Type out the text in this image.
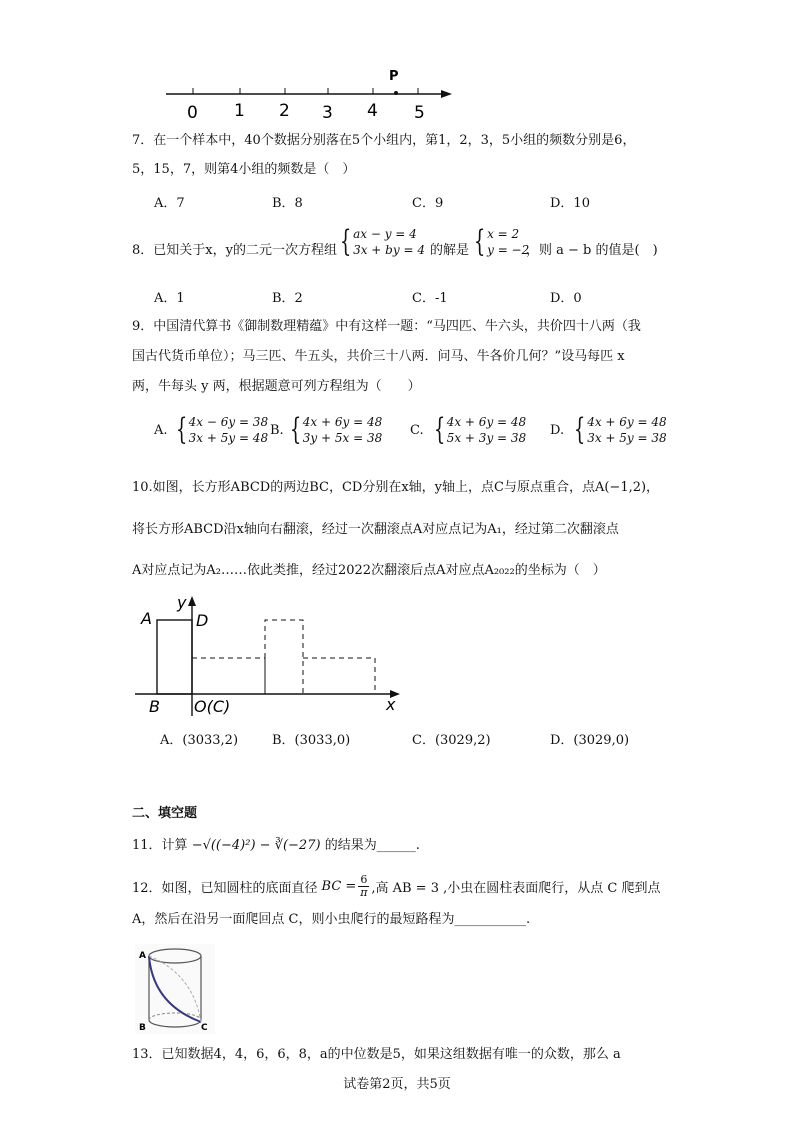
P
0 1 2 3 4 5
7．在一个样本中，40个数据分别落在5个小组内，第1，2，3，5小组的频数分别是6，
5，15，7，则第4小组的频数是（　）
A．7	B．8	C．9	D．10
8．已知关于x，y的二元一次方程组 { ax − y = 4
3x + by = 4 的解是 { x = 2
y = −2
，则 a − b 的值是(　)
A．1	B．2	C．-1	D．0
9．中国清代算书《御制数理精蕴》中有这样一题：“马四匹、牛六头，共价四十八两（我
国古代货币单位）；马三匹、牛五头，共价三十八两．问马、牛各价几何？”设马每匹 x
两，牛每头 y 两，根据题意可列方程组为（　　）
A. { 4x − 6y = 38
3x + 5y = 48
B. { 4x + 6y = 48
3y + 5x = 38
C. { 4x + 6y = 48
5x + 3y = 38
D. { 4x + 6y = 48
3x + 5y = 38
10.如图，长方形ABCD的两边BC，CD分别在x轴，y轴上，点C与原点重合，点A(−1,2)，
将长方形ABCD沿x轴向右翻滚，经过一次翻滚点A对应点记为A₁，经过第二次翻滚点
A对应点记为A₂……依此类推，经过2022次翻滚后点A对应点A₂₀₂₂的坐标为（　）
A	D
y
B O(C)	x
A．(3033,2)	B．(3033,0)	C．(3029,2)	D．(3029,0)
二、填空题
11．计算 −√((−4)²) − ∛(−27) 的结果为______.
12．如图，已知圆柱的底面直径 BC = $\frac{6}{\pi}$ ,高 AB = 3 ,小虫在圆柱表面爬行，从点 C 爬到点
A，然后在沿另一面爬回点 C，则小虫爬行的最短路程为___________.
A
B	C
13．已知数据4，4，6，6，8，a的中位数是5，如果这组数据有唯一的众数，那么 a
试卷第2页，共5页
